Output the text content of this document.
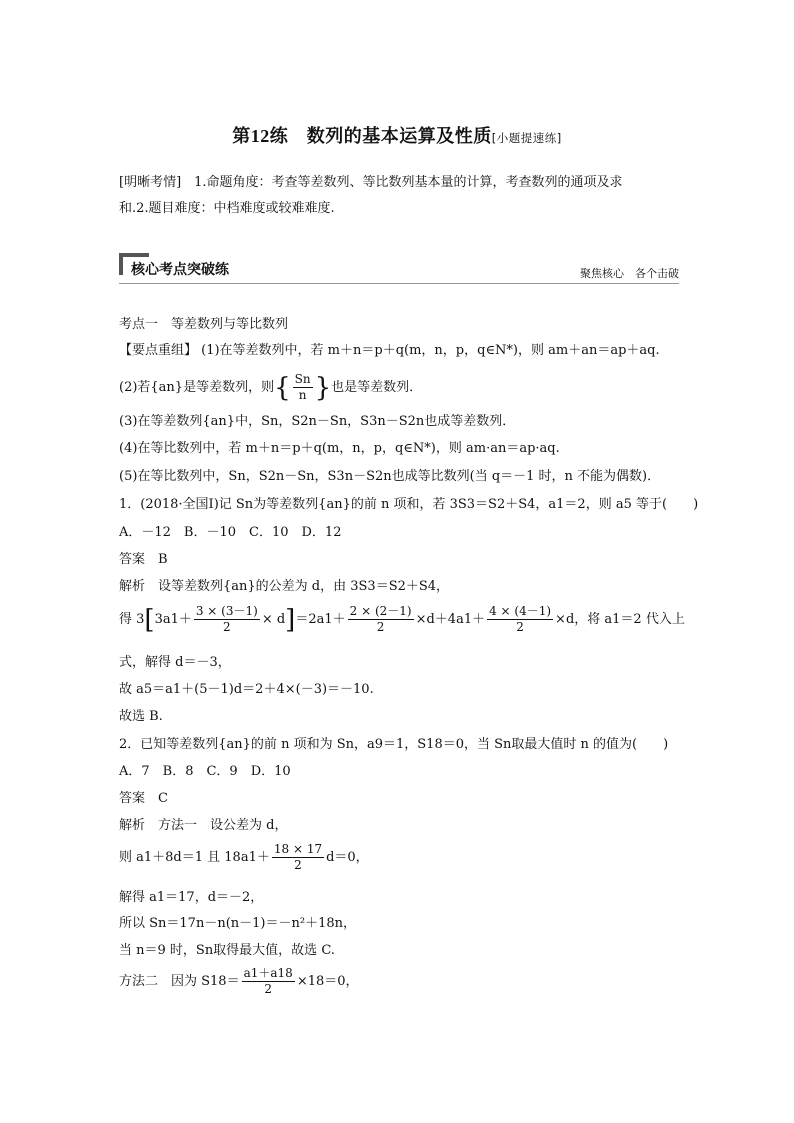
第12练　数列的基本运算及性质[小题提速练]
[明晰考情]　1.命题角度：考查等差数列、等比数列基本量的计算，考查数列的通项及求
和.2.题目难度：中档难度或较难难度.
核心考点突破练	聚焦核心　各个击破
考点一　等差数列与等比数列
【要点重组】 (1)在等差数列中，若 m＋n＝p＋q(m，n，p，q∈N*)，则 am＋an＝ap＋aq.
(2)若{an}是等差数列，则{ $\frac{Sn}{n}$ }也是等差数列．
(3)在等差数列{an}中，Sn，S2n－Sn，S3n－S2n也成等差数列．
(4)在等比数列中，若 m＋n＝p＋q(m，n，p，q∈N*)，则 am·an＝ap·aq.
(5)在等比数列中，Sn，S2n－Sn，S3n－S2n也成等比数列(当 q＝－1 时，n 不能为偶数)．
1．(2018·全国Ⅰ)记 Sn为等差数列{an}的前 n 项和，若 3S3＝S2＋S4，a1＝2，则 a5 等于(　　)
A．－12　B．－10　C．10　D．12
答案　B
解析　设等差数列{an}的公差为 d，由 3S3＝S2＋S4，
得 $3[3a1+ \frac{3 \times (3-1)}{2} \times d]=2a1+ \frac{2 \times (2-1)}{2} \times d+4a1+ \frac{4 \times (4-1)}{2} \times d$，将 a1＝2 代入上
式，解得 d＝－3，
故 a5＝a1＋(5－1)d＝2＋4×(－3)＝－10.
故选 B.
2．已知等差数列{an}的前 n 项和为 Sn，a9＝1，S18＝0，当 Sn取最大值时 n 的值为(　　)
A．7　B．8　C．9　D．10
答案　C
解析　方法一　设公差为 d，
则 a1＋8d＝1 且 $18a1+ \frac{18 \times 17}{2} d=0$，
解得 a1＝17，d＝－2，
所以 Sn＝17n－n(n－1)＝－n²＋18n，
当 n＝9 时，Sn取得最大值，故选 C.
方法二　因为 $S18= \frac{a1+a18}{2} \times 18=0$，
